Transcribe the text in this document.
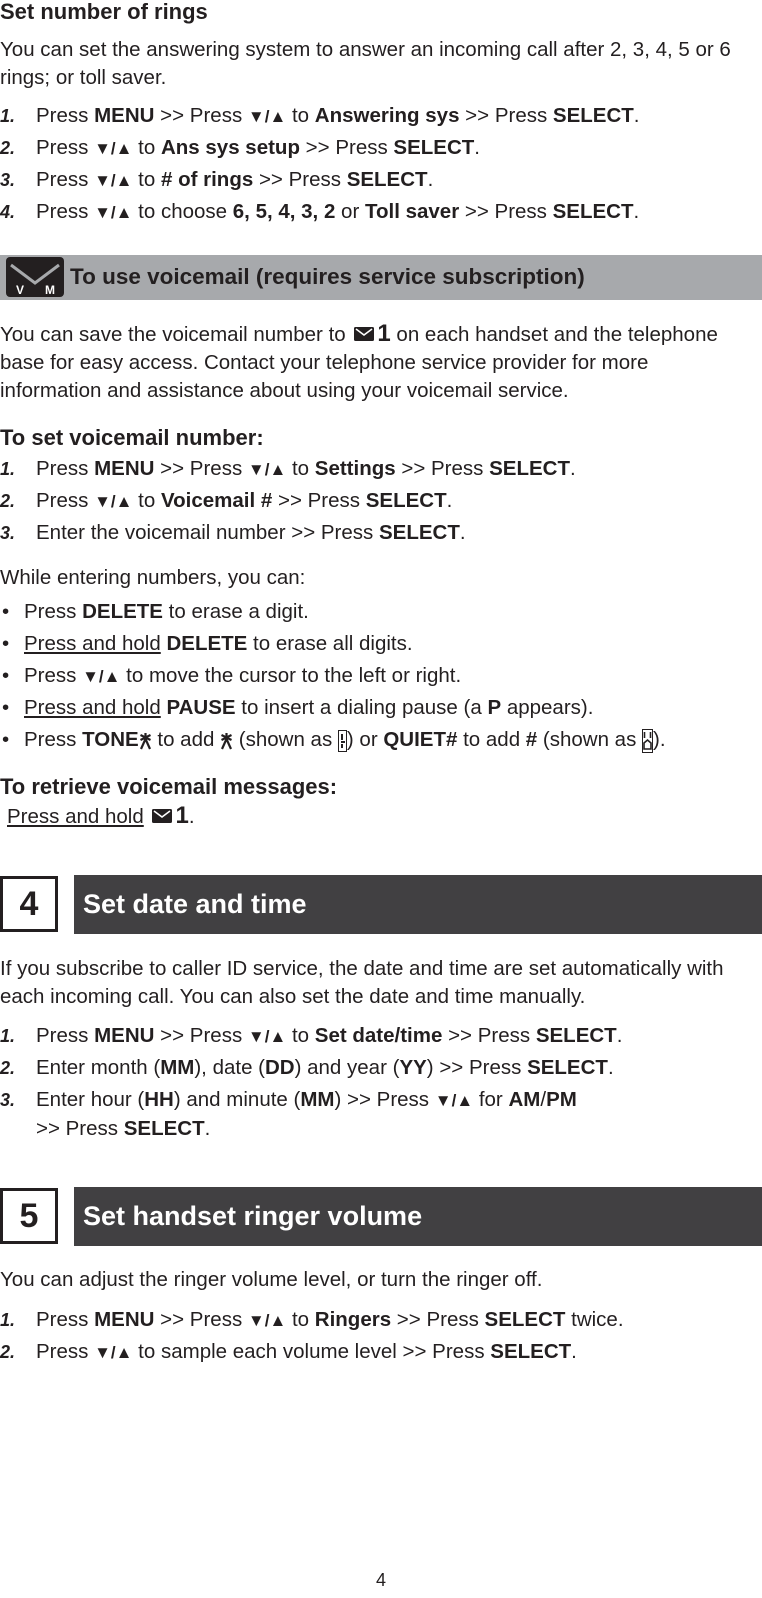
Set number of rings
You can set the answering system to answer an incoming call after 2, 3, 4, 5 or 6 rings; or toll saver.
1. Press MENU >> Press ▼/▲ to Answering sys >> Press SELECT.
2. Press ▼/▲ to Ans sys setup >> Press SELECT.
3. Press ▼/▲ to # of rings >> Press SELECT.
4. Press ▼/▲ to choose 6, 5, 4, 3, 2 or Toll saver >> Press SELECT.
V M
To use voicemail (requires service subscription)
You can save the voicemail number to 1 on each handset and the telephone base for easy access. Contact your telephone service provider for more information and assistance about using your voicemail service.
To set voicemail number:
1. Press MENU >> Press ▼/▲ to Settings >> Press SELECT.
2. Press ▼/▲ to Voicemail # >> Press SELECT.
3. Enter the voicemail number >> Press SELECT.
While entering numbers, you can:
• Press DELETE to erase a digit.
• Press and hold DELETE to erase all digits.
• Press ▼/▲ to move the cursor to the left or right.
• Press and hold PAUSE to insert a dialing pause (a P appears).
• Press TONE to add  (shown as ) or QUIET# to add # (shown as ).
To retrieve voicemail messages:
Press and hold 1.
4 Set date and time
If you subscribe to caller ID service, the date and time are set automatically with each incoming call. You can also set the date and time manually.
1. Press MENU >> Press ▼/▲ to Set date/time >> Press SELECT.
2. Enter month (MM), date (DD) and year (YY) >> Press SELECT.
3. Enter hour (HH) and minute (MM) >> Press ▼/▲ for AM/PM
>> Press SELECT.
5 Set handset ringer volume
You can adjust the ringer volume level, or turn the ringer off.
1. Press MENU >> Press ▼/▲ to Ringers >> Press SELECT twice.
2. Press ▼/▲ to sample each volume level >> Press SELECT.
4
